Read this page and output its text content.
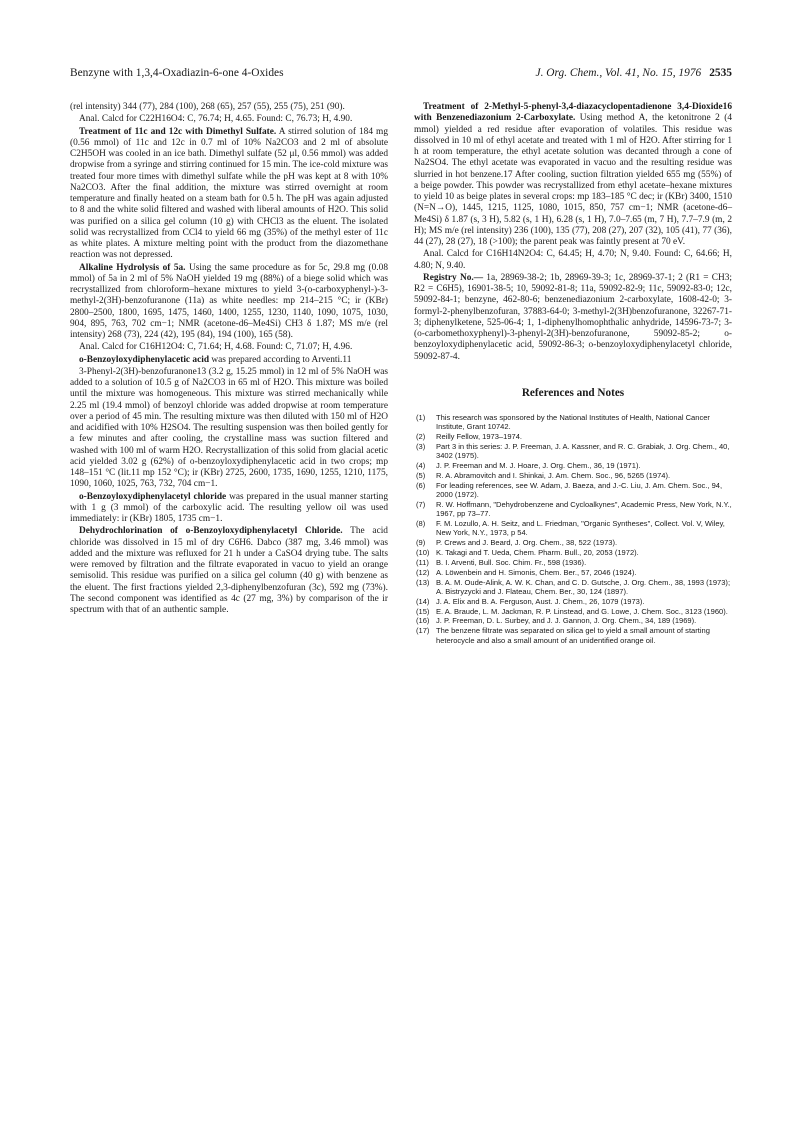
Benzyne with 1,3,4-Oxadiazin-6-one 4-Oxides	J. Org. Chem., Vol. 41, No. 15, 1976 2535
(rel intensity) 344 (77), 284 (100), 268 (65), 257 (55), 255 (75), 251 (90).
Anal. Calcd for C22H16O4: C, 76.74; H, 4.65. Found: C, 76.73; H, 4.90.
Treatment of 11c and 12c with Dimethyl Sulfate. A stirred solution of 184 mg (0.56 mmol) of 11c and 12c in 0.7 ml of 10% Na2CO3 and 2 ml of absolute C2H5OH was cooled in an ice bath. Dimethyl sulfate (52 μl, 0.56 mmol) was added dropwise from a syringe and stirring continued for 15 min. The ice-cold mixture was treated four more times with dimethyl sulfate while the pH was kept at 8 with 10% Na2CO3. After the final addition, the mixture was stirred overnight at room temperature and finally heated on a steam bath for 0.5 h. The pH was again adjusted to 8 and the white solid filtered and washed with liberal amounts of H2O. This solid was purified on a silica gel column (10 g) with CHCl3 as the eluent. The isolated solid was recrystallized from CCl4 to yield 66 mg (35%) of the methyl ester of 11c as white plates. A mixture melting point with the product from the diazomethane reaction was not depressed.
Alkaline Hydrolysis of 5a. Using the same procedure as for 5c, 29.8 mg (0.08 mmol) of 5a in 2 ml of 5% NaOH yielded 19 mg (88%) of a biege solid which was recrystallized from chloroform–hexane mixtures to yield 3-(o-carboxyphenyl-)-3-methyl-2(3H)-benzofuranone (11a) as white needles: mp 214–215 °C; ir (KBr) 2800–2500, 1800, 1695, 1475, 1460, 1400, 1255, 1230, 1140, 1090, 1075, 1030, 904, 895, 763, 702 cm−1; NMR (acetone-d6–Me4Si) CH3 δ 1.87; MS m/e (rel intensity) 268 (73), 224 (42), 195 (84), 194 (100), 165 (58).
Anal. Calcd for C16H12O4: C, 71.64; H, 4.68. Found: C, 71.07; H, 4.96.
o-Benzoyloxydiphenylacetic acid was prepared according to Arventi.11
3-Phenyl-2(3H)-benzofuranone13 (3.2 g, 15.25 mmol) in 12 ml of 5% NaOH was added to a solution of 10.5 g of Na2CO3 in 65 ml of H2O. This mixture was boiled until the mixture was homogeneous. This mixture was stirred mechanically while 2.25 ml (19.4 mmol) of benzoyl chloride was added dropwise at room temperature over a period of 45 min. The resulting mixture was then diluted with 150 ml of H2O and acidified with 10% H2SO4. The resulting suspension was then boiled gently for a few minutes and after cooling, the crystalline mass was suction filtered and washed with 100 ml of warm H2O. Recrystallization of this solid from glacial acetic acid yielded 3.02 g (62%) of o-benzoyloxydiphenylacetic acid in two crops; mp 148–151 °C (lit.11 mp 152 °C); ir (KBr) 2725, 2600, 1735, 1690, 1255, 1210, 1175, 1090, 1060, 1025, 763, 732, 704 cm−1.
o-Benzoyloxydiphenylacetyl chloride was prepared in the usual manner starting with 1 g (3 mmol) of the carboxylic acid. The resulting yellow oil was used immediately: ir (KBr) 1805, 1735 cm−1.
Dehydrochlorination of o-Benzoyloxydiphenylacetyl Chloride. The acid chloride was dissolved in 15 ml of dry C6H6. Dabco (387 mg, 3.46 mmol) was added and the mixture was refluxed for 21 h under a CaSO4 drying tube. The salts were removed by filtration and the filtrate evaporated in vacuo to yield an orange semisolid. This residue was purified on a silica gel column (40 g) with benzene as the eluent. The first fractions yielded 2,3-diphenylbenzofuran (3c), 592 mg (73%). The second component was identified as 4c (27 mg, 3%) by comparison of the ir spectrum with that of an authentic sample.
Treatment of 2-Methyl-5-phenyl-3,4-diazacyclopentadienone 3,4-Dioxide16 with Benzenediazonium 2-Carboxylate. Using method A, the ketonitrone 2 (4 mmol) yielded a red residue after evaporation of volatiles. This residue was dissolved in 10 ml of ethyl acetate and treated with 1 ml of H2O. After stirring for 1 h at room temperature, the ethyl acetate solution was decanted through a cone of Na2SO4. The ethyl acetate was evaporated in vacuo and the resulting residue was slurried in hot benzene.17 After cooling, suction filtration yielded 655 mg (55%) of a beige powder. This powder was recrystallized from ethyl acetate–hexane mixtures to yield 10 as beige plates in several crops: mp 183–185 °C dec; ir (KBr) 3400, 1510 (N=N→O), 1445, 1215, 1125, 1080, 1015, 850, 757 cm−1; NMR (acetone-d6–Me4Si) δ 1.87 (s, 3 H), 5.82 (s, 1 H), 6.28 (s, 1 H), 7.0–7.65 (m, 7 H), 7.7–7.9 (m, 2 H); MS m/e (rel intensity) 236 (100), 135 (77), 208 (27), 207 (32), 105 (41), 77 (36), 44 (27), 28 (27), 18 (>100); the parent peak was faintly present at 70 eV.
Anal. Calcd for C16H14N2O4: C, 64.45; H, 4.70; N, 9.40. Found: C, 64.66; H, 4.80; N, 9.40.
Registry No.— 1a, 28969-38-2; 1b, 28969-39-3; 1c, 28969-37-1; 2 (R1 = CH3; R2 = C6H5), 16901-38-5; 10, 59092-81-8; 11a, 59092-82-9; 11c, 59092-83-0; 12c, 59092-84-1; benzyne, 462-80-6; benzenediazonium 2-carboxylate, 1608-42-0; 3-formyl-2-phenylbenzofuran, 37883-64-0; 3-methyl-2(3H)benzofuranone, 32267-71-3; diphenylketene, 525-06-4; 1, 1-diphenylhomophthalic anhydride, 14596-73-7; 3-(o-carbomethoxyphenyl)-3-phenyl-2(3H)-benzofuranone, 59092-85-2; o-benzoyloxydiphenylacetic acid, 59092-86-3; o-benzoyloxydiphenylacetyl chloride, 59092-87-4.
References and Notes
(1)	This research was sponsored by the National Institutes of Health, National Cancer Institute, Grant 10742.
(2)	Reilly Fellow, 1973–1974.
(3)	Part 3 in this series: J. P. Freeman, J. A. Kassner, and R. C. Grabiak, J. Org. Chem., 40, 3402 (1975).
(4)	J. P. Freeman and M. J. Hoare, J. Org. Chem., 36, 19 (1971).
(5)	R. A. Abramovitch and I. Shinkai, J. Am. Chem. Soc., 96, 5265 (1974).
(6)	For leading references, see W. Adam, J. Baeza, and J.-C. Liu, J. Am. Chem. Soc., 94, 2000 (1972).
(7)	R. W. Hoffmann, "Dehydrobenzene and Cycloalkynes", Academic Press, New York, N.Y., 1967, pp 73–77.
(8)	F. M. Lozullo, A. H. Seitz, and L. Friedman, "Organic Syntheses", Collect. Vol. V, Wiley, New York, N.Y., 1973, p 54.
(9)	P. Crews and J. Beard, J. Org. Chem., 38, 522 (1973).
(10) K. Takagi and T. Ueda, Chem. Pharm. Bull., 20, 2053 (1972).
(11) B. I. Arventi, Bull. Soc. Chim. Fr., 598 (1936).
(12) A. Löwenbein and H. Simonis, Chem. Ber., 57, 2046 (1924).
(13) B. A. M. Oude-Alink, A. W. K. Chan, and C. D. Gutsche, J. Org. Chem., 38, 1993 (1973); A. Bistryzycki and J. Flateau, Chem. Ber., 30, 124 (1897).
(14) J. A. Elix and B. A. Ferguson, Aust. J. Chem., 26, 1079 (1973).
(15) E. A. Braude, L. M. Jackman, R. P. Linstead, and G. Lowe, J. Chem. Soc., 3123 (1960).
(16) J. P. Freeman, D. L. Surbey, and J. J. Gannon, J. Org. Chem., 34, 189 (1969).
(17) The benzene filtrate was separated on silica gel to yield a small amount of starting heterocycle and also a small amount of an unidentified orange oil.
